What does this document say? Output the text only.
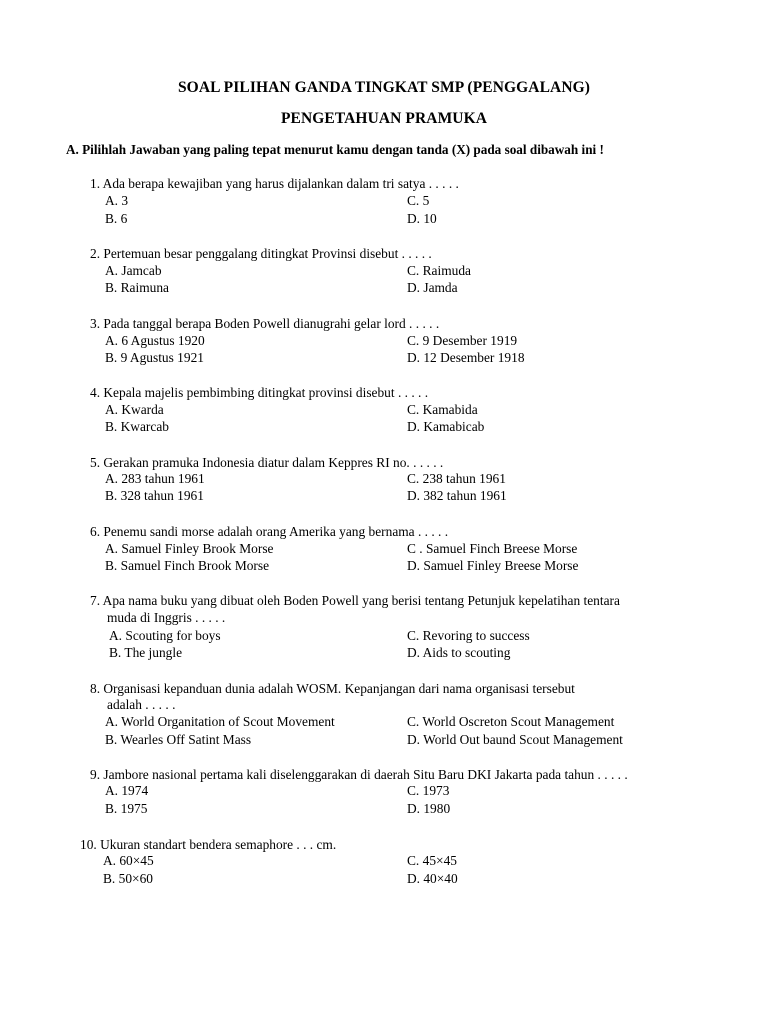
SOAL PILIHAN GANDA TINGKAT SMP (PENGGALANG)
PENGETAHUAN PRAMUKA
A. Pilihlah Jawaban yang paling tepat menurut kamu dengan tanda (X) pada soal dibawah ini !
1. Ada berapa kewajiban yang harus dijalankan dalam tri satya . . . . .
A. 3	C. 5
B. 6	D. 10
2. Pertemuan besar penggalang ditingkat Provinsi disebut . . . . .
A. Jamcab	C. Raimuda
B. Raimuna	D. Jamda
3. Pada tanggal berapa Boden Powell dianugrahi gelar lord . . . . .
A. 6 Agustus 1920	C. 9 Desember 1919
B. 9 Agustus 1921	D. 12 Desember 1918
4. Kepala majelis pembimbing ditingkat provinsi disebut . . . . .
A. Kwarda	C. Kamabida
B. Kwarcab	D. Kamabicab
5. Gerakan pramuka Indonesia diatur dalam Keppres RI no. . . . . .
A. 283 tahun 1961	C. 238 tahun 1961
B. 328 tahun 1961	D. 382 tahun 1961
6. Penemu sandi morse adalah orang Amerika yang bernama . . . . .
A. Samuel Finley Brook Morse	C . Samuel Finch Breese Morse
B. Samuel Finch Brook Morse	D. Samuel Finley Breese Morse
7. Apa nama buku yang dibuat oleh Boden Powell yang berisi tentang Petunjuk kepelatihan tentara
muda di Inggris . . . . .
A. Scouting for boys	C. Revoring to success
B. The jungle	D. Aids to scouting
8. Organisasi kepanduan dunia adalah WOSM. Kepanjangan dari nama organisasi tersebut
adalah . . . . .
A. World Organitation of Scout Movement	C. World Oscreton Scout Management
B. Wearles Off Satint Mass	D. World Out baund Scout Management
9. Jambore nasional pertama kali diselenggarakan di daerah Situ Baru DKI Jakarta pada tahun . . . . .
A. 1974	C. 1973
B. 1975	D. 1980
10. Ukuran standart bendera semaphore . . . cm.
A. 60×45	C. 45×45
B. 50×60	D. 40×40
